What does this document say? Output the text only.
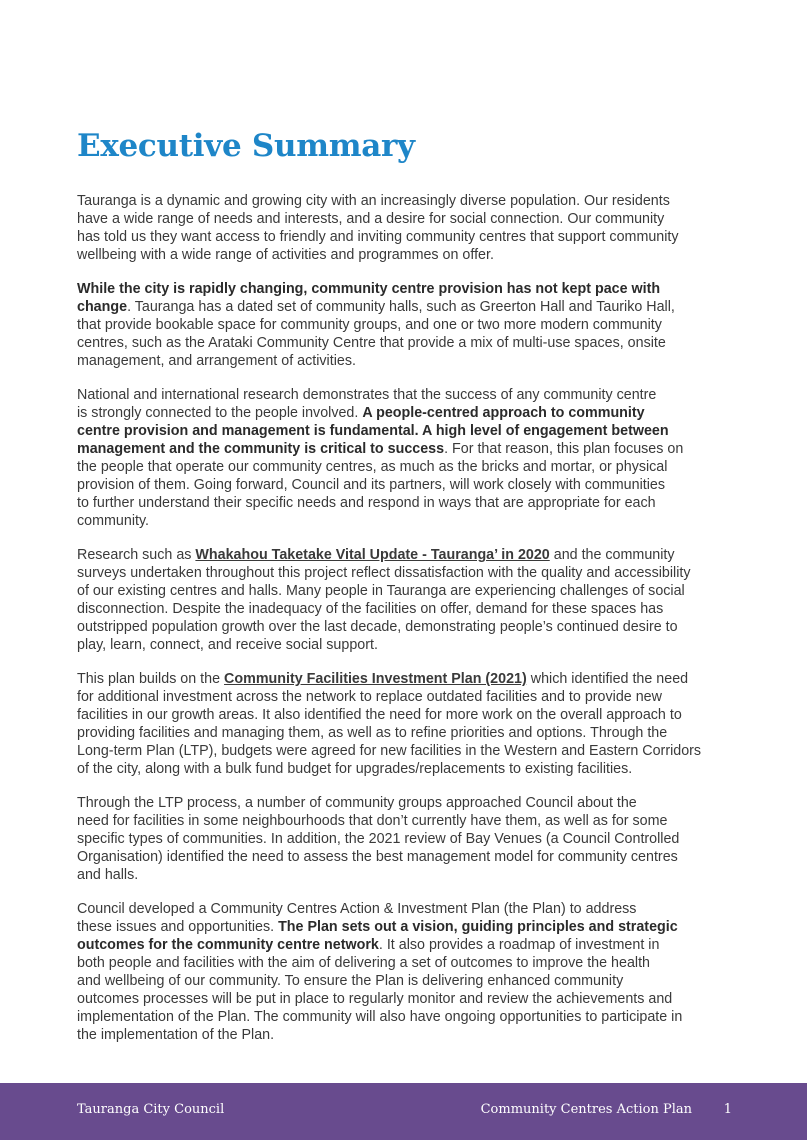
Executive Summary

Tauranga is a dynamic and growing city with an increasingly diverse population. Our residents
have a wide range of needs and interests, and a desire for social connection. Our community
has told us they want access to friendly and inviting community centres that support community
wellbeing with a wide range of activities and programmes on offer.

While the city is rapidly changing, community centre provision has not kept pace with
change. Tauranga has a dated set of community halls, such as Greerton Hall and Tauriko Hall,
that provide bookable space for community groups, and one or two more modern community
centres, such as the Arataki Community Centre that provide a mix of multi-use spaces, onsite
management, and arrangement of activities.

National and international research demonstrates that the success of any community centre
is strongly connected to the people involved. A people-centred approach to community
centre provision and management is fundamental. A high level of engagement between
management and the community is critical to success. For that reason, this plan focuses on
the people that operate our community centres, as much as the bricks and mortar, or physical
provision of them. Going forward, Council and its partners, will work closely with communities
to further understand their specific needs and respond in ways that are appropriate for each
community.

Research such as Whakahou Taketake Vital Update - Tauranga’ in 2020 and the community
surveys undertaken throughout this project reflect dissatisfaction with the quality and accessibility
of our existing centres and halls. Many people in Tauranga are experiencing challenges of social
disconnection. Despite the inadequacy of the facilities on offer, demand for these spaces has
outstripped population growth over the last decade, demonstrating people’s continued desire to
play, learn, connect, and receive social support.

This plan builds on the Community Facilities Investment Plan (2021) which identified the need
for additional investment across the network to replace outdated facilities and to provide new
facilities in our growth areas. It also identified the need for more work on the overall approach to
providing facilities and managing them, as well as to refine priorities and options. Through the
Long-term Plan (LTP), budgets were agreed for new facilities in the Western and Eastern Corridors
of the city, along with a bulk fund budget for upgrades/replacements to existing facilities.

Through the LTP process, a number of community groups approached Council about the
need for facilities in some neighbourhoods that don’t currently have them, as well as for some
specific types of communities. In addition, the 2021 review of Bay Venues (a Council Controlled
Organisation) identified the need to assess the best management model for community centres
and halls.

Council developed a Community Centres Action & Investment Plan (the Plan) to address
these issues and opportunities. The Plan sets out a vision, guiding principles and strategic
outcomes for the community centre network. It also provides a roadmap of investment in
both people and facilities with the aim of delivering a set of outcomes to improve the health
and wellbeing of our community. To ensure the Plan is delivering enhanced community
outcomes processes will be put in place to regularly monitor and review the achievements and
implementation of the Plan. The community will also have ongoing opportunities to participate in
the implementation of the Plan.

Tauranga City Council	Community Centres Action Plan 1
